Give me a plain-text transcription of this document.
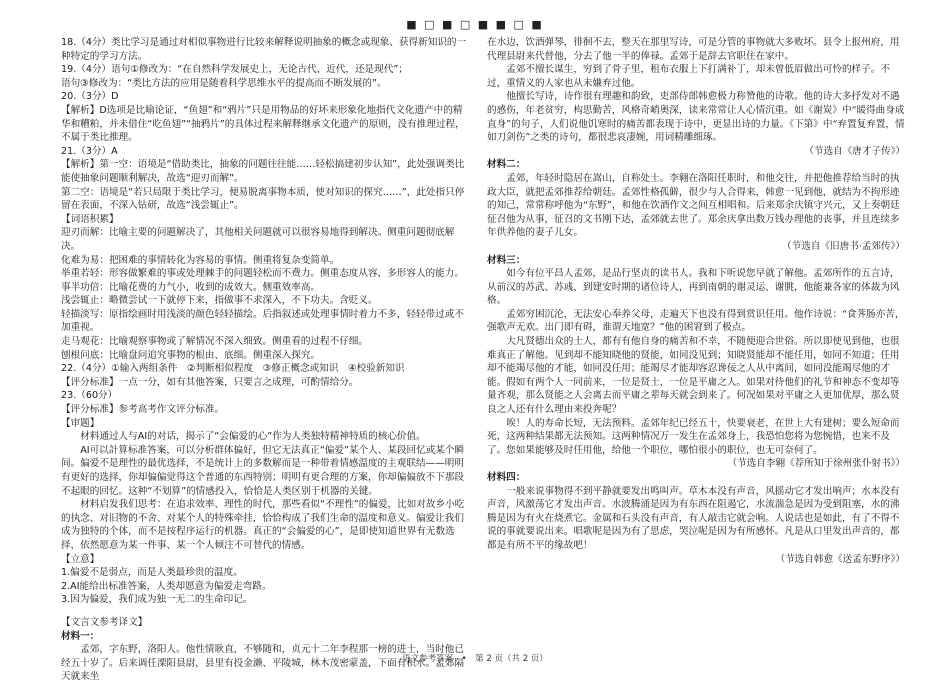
■ □ ■ □ ■ ■ □ ■

18.（4分）类比学习是通过对相似事物进行比较来解释说明抽象的概念或现象、获得新知识的一种特定的学习方法。

19.（4分）语句①修改为：“在自然科学发展史上，无论古代、近代，还是现代”；

语句③修改为：“类比方法的应用是随着科学思维水平的提高而不断发展的”。

20.（3分）D

【解析】D选项是比喻论证，“鱼翅”和“鸦片”只是用物品的好坏来形象化地指代文化遗产中的精华和糟粕，并未借住“吃鱼翅”“抽鸦片”的具体过程来解释继承文化遗产的原则，没有推理过程，不属于类比推理。

21.（3分）A

【解析】第一空：语境是“借助类比，抽象的问题往往能……轻松搞建初步认知”，此处强调类比能使抽象问题顺利解决，故选“迎刃而解”。

第二空：语境是“若只局限于类比学习，便易脱离事物本质，使对知识的探究……”，此处指只停留在表面，不深入钻研，故选“浅尝辄止”。

【词语积累】

迎刃而解：比喻主要的问题解决了，其他相关问题就可以很容易地得到解决。侧重问题彻底解决。

化难为易：把困难的事情转化为容易的事情。侧重将复杂变简单。

举重若轻：形容做繁难的事或处理棘手的问题轻松而不费力。侧重态度从容，多形容人的能力。

事半功倍：比喻花费的力气小，收到的成效大。侧重效率高。

浅尝辄止：略微尝试一下就停下来，指做事不求深入，不下功夫。含贬义。

轻描淡写：原指绘画时用浅淡的颜色轻轻描绘。后指叙述或处理事情时着力不多，轻轻带过或不加重视。

走马观花：比喻观察事物或了解情况不深入细致。侧重看的过程不仔细。

刨根问底：比喻盘问追究事物的根由、底细。侧重深入探究。

22.（4分）①输入两组条件　②判断相似程度　③修正概念或知识　④校验新知识

【评分标准】一点一分，如有其他答案，只要言之成理，可酌情给分。

23.（60分）

【评分标准】参考高考作文评分标准。

【审题】

材料通过人与AI的对话，揭示了“会偏爱的心”作为人类独特精神特质的核心价值。

AI可以計算标准答案，可以分析群体偏好，但它无法真正“偏爱”某个人、某段回忆或某个瞬间。偏爱不是理性的最优选择，不是统计上的多数解而是一种带着情感温度的主观联结——明明有更好的选择，你却偏偏觉得这个普通的东西特别；明明有更合理的方案，你却偏偏放不下那段不起眼的回忆。这种“不划算”的情感投入，恰恰是人类区别于机器的关键。

材料启发我们思考：在追求效率、理性的时代，那些看似“不理性”的偏爱，比如对故乡小吃的执念、对旧物的不舍、对某个人的特殊牵挂，恰恰构成了我们生命的温度和意义。偏爱让我们成为独特的个体，而不是按程序运行的机器。真正的“会偏爱的心”，是即使知道世界有无数选择，依然愿意为某一件事、某一个人倾注不可替代的情感。

【立意】

1.偏爱不是弱点，而是人类最珍贵的温度。

2.AI能给出标准答案，人类却愿意为偏爱走弯路。

3.因为偏爱，我们成为独一无二的生命印记。

【文言文参考译文】

材料一：

孟郊，字东野，洛阳人。他性情耿直，不够随和，贞元十二年李程那一榜的进士，当时他已经五十岁了。后来调任溧阳县尉，县里有投金濑、平陵城，林木茂密蒙盖，下面有积水。孟郊隔天就来坐

在水边，饮酒弹琴，徘徊不去，整天在那里写诗，可是分管的事物就大多败坏。县令上报州府，用代理县尉来代替他，分去了他一半的俸禄。孟郊于是辞去官职住在家中。

孟郊不擅长谋生，穷到了骨子里，租布衣服上下打满补丁，却未曾低眉做出可怜的样子。不过，重情义的人家也从未嫌弃过他。

他擅长写诗，诗作很有理趣和韵致，吏部侍郎韩愈极力称赞他的诗歌。他的诗大多抒发对不遇的感伤，年老贫穷，构思勤苦，风格奇峭奥深，读来常常让人心情沉重。如《谢炭》中“暖得曲身成直身”的句子，人们说他饥寒时的痛苦都表现于诗中，更显出诗的力量。《下第》中“弃置复弃置，情如刀剑伤”之类的诗句，都很悲哀凄婉，用词精雕细琢。

（节选自《唐才子传》）

材料二：

孟郊，年轻时隐居在嵩山，自称处士。李翱在洛阳任职时，和他交往，并把他推荐给当时的执政大臣，就把孟郊推荐给朝廷。孟郊性格孤僻，很少与人合得来，韩愈一见到他，就结为不拘形迹的知己，常常称呼他为“东野”，和他在饮酒作文之间互相唱和。后来郑余庆镇守兴元，又上奏朝廷征召他为从事，征召的文书刚下达，孟郊就去世了。郑余庆拿出数万钱办理他的丧事，并且连续多年供养他的妻子儿女。

（节选自《旧唐书·孟郊传》）

材料三：

如今有位平昌人孟郊，是品行坚贞的读书人。我和下听说您早就了解他。孟郊所作的五言诗，从前汉的苏武、苏彧，到建安时期的诸位诗人，再到南朝的谢灵运、谢朓，他能兼各家的体裁为风格。

孟郊穷困沉沦，无法安心奉养父母，走遍天下也没有得到赏识任用。他作诗说：“食荠肠亦苦，强歌声无欢。出门即有碍，谁谓天地宽？”他的困窘到了极点。

大凡贤德出众的士人，都有有他自身的痛苦和不幸，不随便迎合世俗。所以即使见到他，也很难真正了解他。见到却不能知晓他的贤能，如同没见到；知晓贤能却不能任用，如同不知道；任用却不能竭尽他的才能，如同没任用；能竭尽才能却容忍谗佞之人从中离间，如同没能竭尽他的才能。假如有两个人一同前来，一位是贤士，一位是平庸之人。如果对待他们的礼节和神态不变却等量齐观，那么贤能之人会离去而平庸之辈每天就会到来了。何况如果对平庸之人更加优厚，那么贤良之人还有什么理由来投奔呢？

唉！人的寿命长短，无法预料。孟郊年纪已经五十，快要衰老，在世上大有建树；要么短命而死，这两种结果都无法预知。这两种情况万一发生在孟郊身上，我恐怕您将为您惋惜，也来不及了。您如果能够及时任用他，给他一个职位，哪怕很小的职位，也无可奈何了。

（节选自李翱《荐所知于徐州张仆射书》）

材料四：

一般来说事物得不到平静就要发出鸣叫声。草木本没有声音，风摇动它才发出响声；水本没有声音，风激荡它才发出声音。水波腾涌是因为有东西在阻遏它，水流湍急是因为受到阻塞，水的沸腾是因为有火在烧煮它。金属和石头没有声音，有人敲击它就会响。人说话也是如此，有了不得不说的事就要说出来。唱歌呢是因为有了思虑，哭泣呢是因为有所感怀。凡是从口里发出声音的，都都是有所不平的缘故吧！

（节选自韩愈《送孟东野序》）

语文参考答案　•　第 2 页（共 2 页）
